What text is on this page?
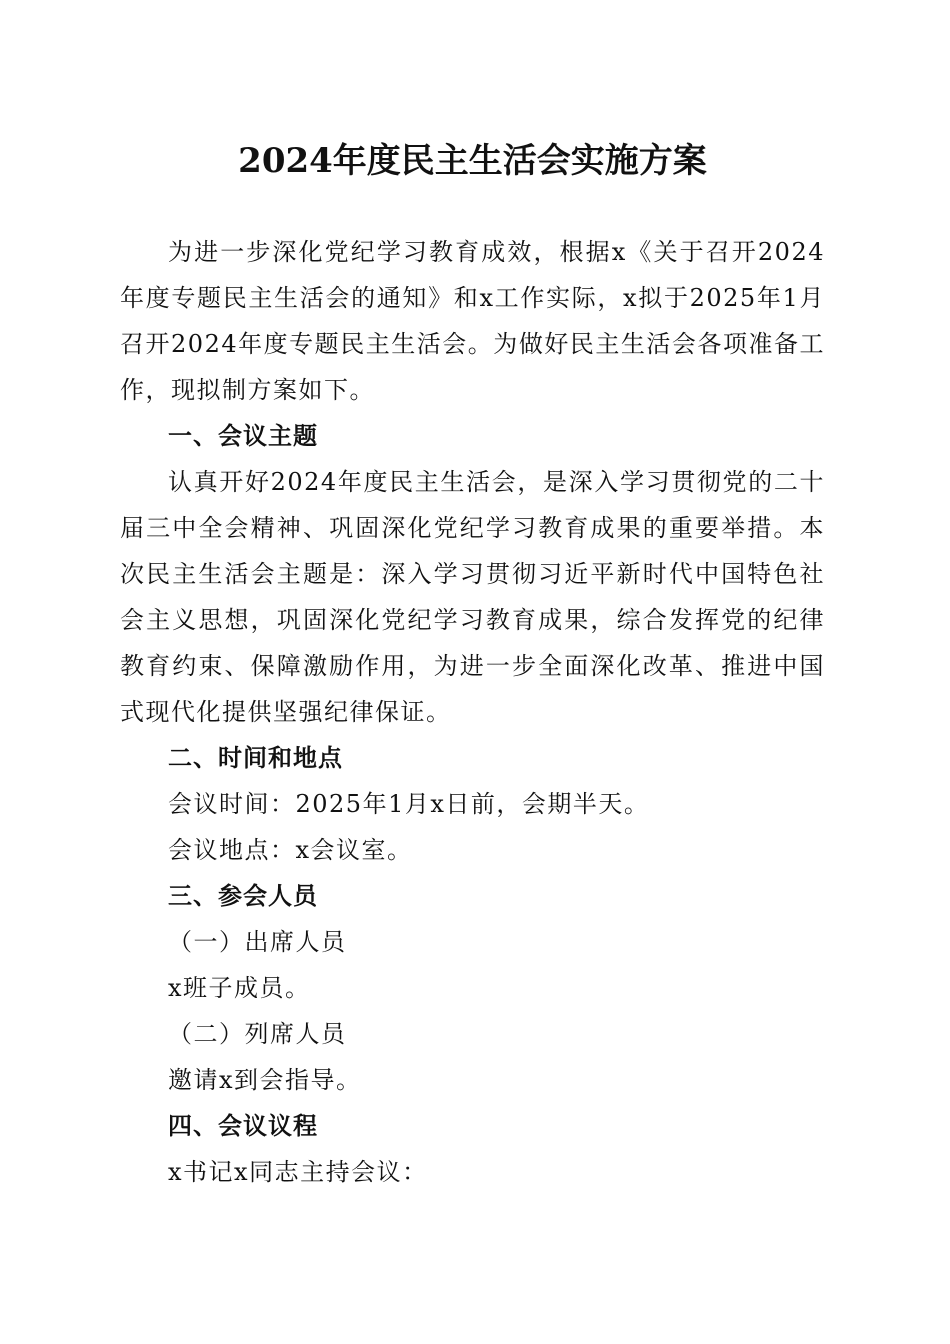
2024年度民主生活会实施方案

为进一步深化党纪学习教育成效，根据x《关于召开2024年度专题民主生活会的通知》和x工作实际，x拟于2025年1月召开2024年度专题民主生活会。为做好民主生活会各项准备工作，现拟制方案如下。

一、会议主题

认真开好2024年度民主生活会，是深入学习贯彻党的二十届三中全会精神、巩固深化党纪学习教育成果的重要举措。本次民主生活会主题是：深入学习贯彻习近平新时代中国特色社会主义思想，巩固深化党纪学习教育成果，综合发挥党的纪律教育约束、保障激励作用，为进一步全面深化改革、推进中国式现代化提供坚强纪律保证。

二、时间和地点

会议时间：2025年1月x日前，会期半天。

会议地点：x会议室。

三、参会人员

（一）出席人员

x班子成员。

（二）列席人员

邀请x到会指导。

四、会议议程

x书记x同志主持会议：
